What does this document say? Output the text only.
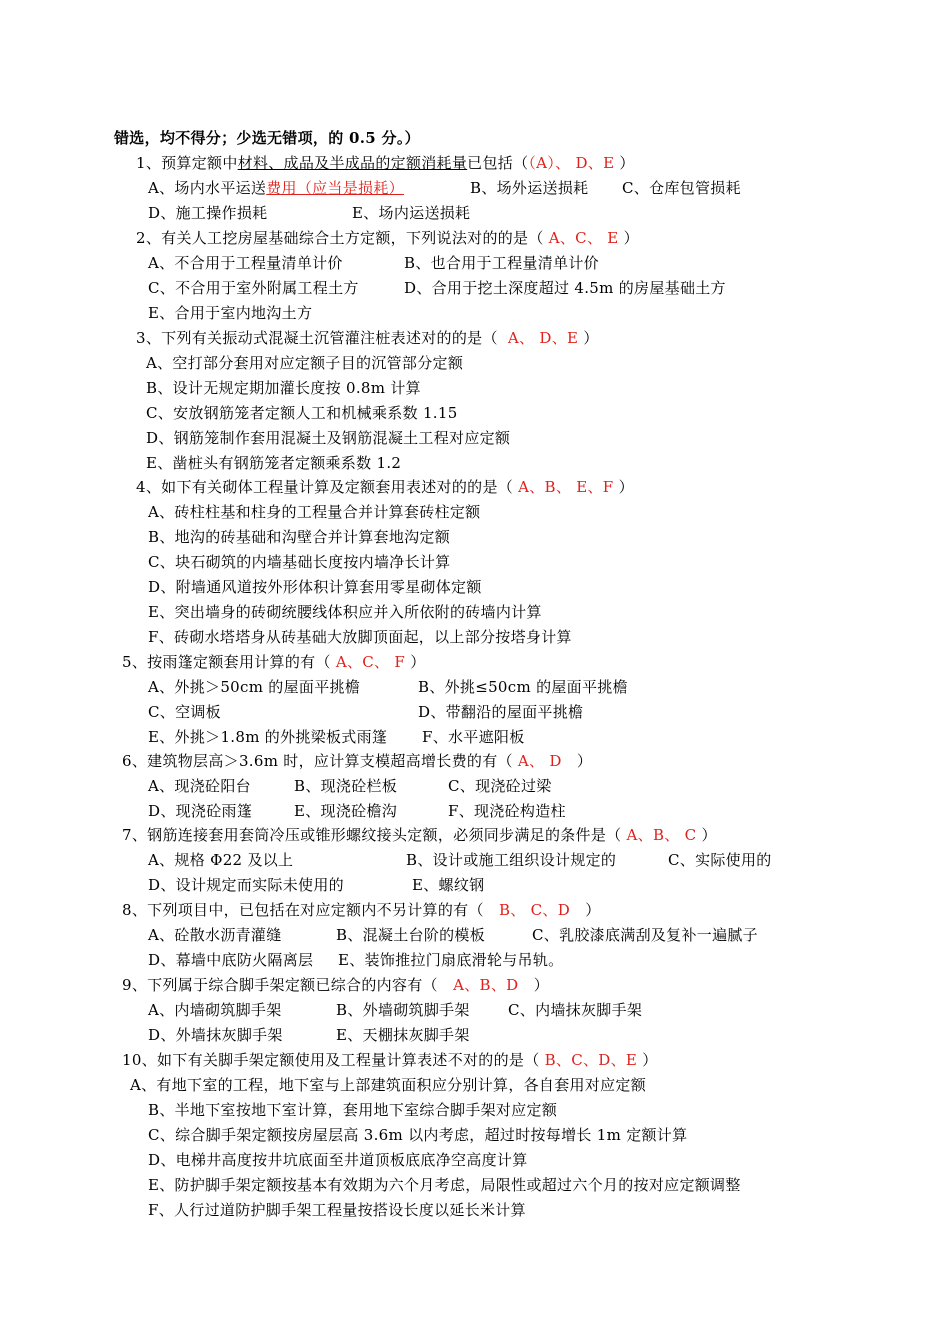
错选，均不得分；少选无错项，的 0.5 分。）
1、预算定额中材料、成品及半成品的定额消耗量已包括（（A）、 D、E ）
A、场内水平运送费用（应当是损耗）	B、场外运送损耗 C、仓库包管损耗
D、施工操作损耗	E、场内运送损耗
2、有关人工挖房屋基础综合土方定额，下列说法对的的是（ A、C、 E ）
A、不合用于工程量清单计价	B、也合用于工程量清单计价
C、不合用于室外附属工程土方	D、合用于挖土深度超过 4.5m 的房屋基础土方
E、合用于室内地沟土方
3、下列有关振动式混凝土沉管灌注桩表述对的的是（ A、 D、E ）
A、空打部分套用对应定额子目的沉管部分定额
B、设计无规定期加灌长度按 0.8m 计算
C、安放钢筋笼者定额人工和机械乘系数 1.15
D、钢筋笼制作套用混凝土及钢筋混凝土工程对应定额
E、凿桩头有钢筋笼者定额乘系数 1.2
4、如下有关砌体工程量计算及定额套用表述对的的是（ A、B、 E、F ）
A、砖柱柱基和柱身的工程量合并计算套砖柱定额
B、地沟的砖基础和沟壁合并计算套地沟定额
C、块石砌筑的内墙基础长度按内墙净长计算
D、附墙通风道按外形体积计算套用零星砌体定额
E、突出墙身的砖砌统腰线体积应并入所依附的砖墙内计算
F、砖砌水塔塔身从砖基础大放脚顶面起，以上部分按塔身计算
5、按雨篷定额套用计算的有（ A、C、 F ）
A、外挑＞50cm 的屋面平挑檐	B、外挑≤50cm 的屋面平挑檐
C、空调板	D、带翻沿的屋面平挑檐
E、外挑＞1.8m 的外挑梁板式雨篷 F、水平遮阳板
6、建筑物层高＞3.6m 时，应计算支模超高增长费的有（ A、 D ）
A、现浇砼阳台	B、现浇砼栏板	C、现浇砼过梁
D、现浇砼雨篷	E、现浇砼檐沟	F、现浇砼构造柱
7、钢筋连接套用套筒冷压或锥形螺纹接头定额，必须同步满足的条件是（ A、B、 C ）
A、规格 Φ22 及以上	B、设计或施工组织设计规定的	C、实际使用的
D、设计规定而实际未使用的	E、螺纹钢
8、下列项目中，已包括在对应定额内不另计算的有（ B、 C、D ）
A、砼散水沥青灌缝	B、混凝土台阶的模板	C、乳胶漆底满刮及复补一遍腻子
D、幕墙中底防火隔离层 E、装饰推拉门扇底滑轮与吊轨。
9、下列属于综合脚手架定额已综合的内容有（ A、B、D ）
A、内墙砌筑脚手架	B、外墙砌筑脚手架	C、内墙抹灰脚手架
D、外墙抹灰脚手架	E、天棚抹灰脚手架
10、如下有关脚手架定额使用及工程量计算表述不对的的是（ B、C、D、E ）
A、有地下室的工程，地下室与上部建筑面积应分别计算，各自套用对应定额
B、半地下室按地下室计算，套用地下室综合脚手架对应定额
C、综合脚手架定额按房屋层高 3.6m 以内考虑，超过时按每增长 1m 定额计算
D、电梯井高度按井坑底面至井道顶板底底净空高度计算
E、防护脚手架定额按基本有效期为六个月考虑，局限性或超过六个月的按对应定额调整
F、人行过道防护脚手架工程量按搭设长度以延长米计算
